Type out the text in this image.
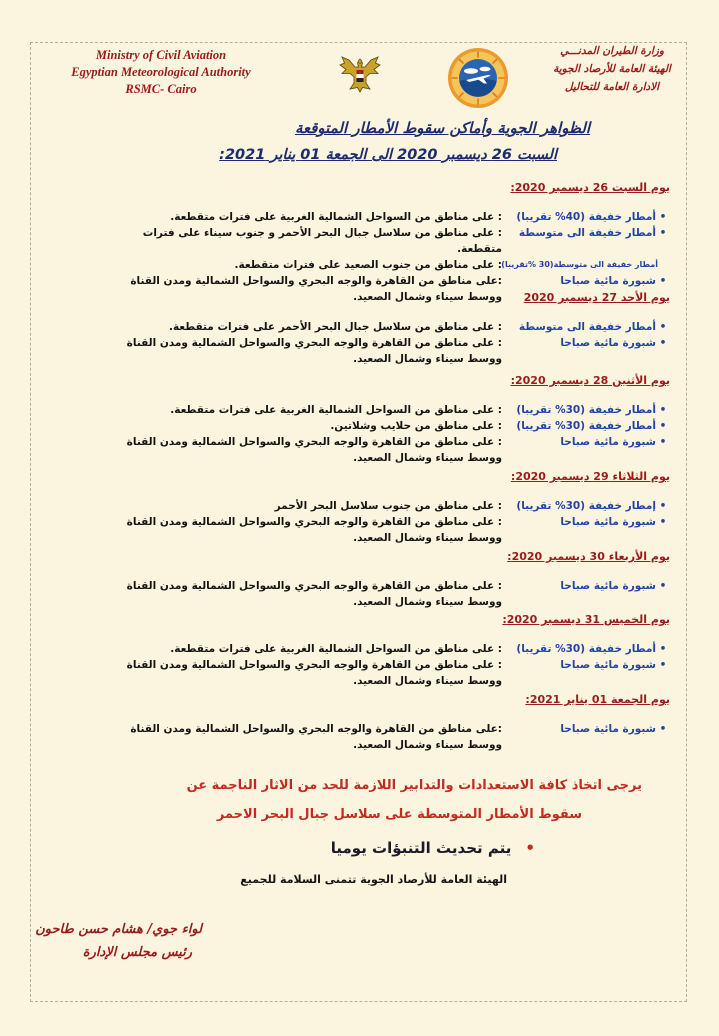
Ministry of Civil Aviation
Egyptian Meteorological Authority
RSMC- Cairo
وزارة الطيران المدنـــي
الهيئة العامة للأرصاد الجوية
الادارة العامة للتحاليل
الظواهر الجوية وأماكن سقوط الأمطار المتوقعة
السبت 26 ديسمبر 2020 الى الجمعة 01 يناير 2021:
يوم السبت 26 ديسمبر 2020:
•
أمطار خفيفة (40% تقريبا)
: على مناطق من السواحل الشمالية الغربية على فترات متقطعة.
•
أمطار خفيفة الى متوسطة
: على مناطق من سلاسل جبال البحر الأحمر و جنوب سيناء على فترات متقطعة.
أمطار خفيفة الى متوسطة(30 %تقريبا)
: على مناطق من جنوب الصعيد على فترات متقطعة.
•
شبورة مائية صباحا
:على مناطق من القاهرة والوجه البحري والسواحل الشمالية ومدن القناة ووسط سيناء وشمال الصعيد.	يوم الأحد 27 ديسمبر 2020
•
أمطار خفيفة الى متوسطة
: على مناطق من سلاسل جبال البحر الأحمر على فترات متقطعة.
•
شبورة مائية صباحا
: على مناطق من القاهرة والوجه البحري والسواحل الشمالية ومدن القناة ووسط سيناء وشمال الصعيد.
يوم الأثنين 28 ديسمبر 2020:
•
أمطار خفيفة (30% تقريبا)
: على مناطق من السواحل الشمالية الغربية على فترات متقطعة.
•
أمطار خفيفة (30% تقريبا)
: على مناطق من حلايب وشلاتين.
•
شبورة مائية صباحا
: على مناطق من القاهرة والوجه البحري والسواحل الشمالية ومدن القناة ووسط سيناء وشمال الصعيد.
يوم الثلاثاء 29 ديسمبر 2020:
•
إمطار خفيفة (30% تقريبا)
: على مناطق من جنوب سلاسل البحر الأحمر
•
شبورة مائية صباحا
: على مناطق من القاهرة والوجه البحري والسواحل الشمالية ومدن القناة ووسط سيناء وشمال الصعيد.
يوم الأربعاء 30 ديسمبر 2020:
•
شبورة مائية صباحا
: على مناطق من القاهرة والوجه البحري والسواحل الشمالية ومدن القناة ووسط سيناء وشمال الصعيد.
يوم الخميس 31 ديسمبر 2020:
•
أمطار خفيفة (30% تقريبا)
: على مناطق من السواحل الشمالية الغربية على فترات متقطعة.
•
شبورة مائية صباحا
: على مناطق من القاهرة والوجه البحري والسواحل الشمالية ومدن القناة ووسط سيناء وشمال الصعيد.
يوم الجمعة 01 يناير 2021:
•
شبورة مائية صباحا
:على مناطق من القاهرة والوجه البحري والسواحل الشمالية ومدن القناة ووسط سيناء وشمال الصعيد.
يرجى اتخاذ كافة الاستعدادات والتدابير اللازمة للحد من الاثار الناجمة عن
سقوط الأمطار المتوسطة على سلاسل جبال البحر الاحمر
•يتم تحديث التنبؤات يوميا
الهيئة العامة للأرصاد الجوية تتمنى السلامة للجميع
لواء جوي/ هشام حسن طاحون
رئيس مجلس الإدارة
